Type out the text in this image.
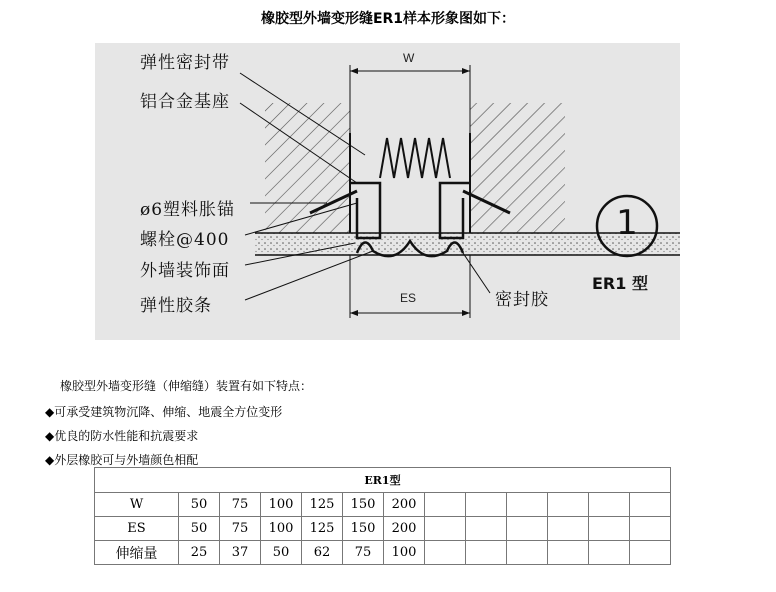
橡胶型外墙变形缝ER1样本形象图如下：
弹性密封带
铝合金基座
ø6塑料胀锚
螺栓@400
外墙装饰面
弹性胶条	密封胶
W
ES
1
ER1 型
橡胶型外墙变形缝（伸缩缝）装置有如下特点：
◆可承受建筑物沉降、伸缩、地震全方位变形
◆优良的防水性能和抗震要求
◆外层橡胶可与外墙颜色相配
ER1型												
W	50	75	100	125	150	200						
ES	50	75	100	125	150	200						
伸缩量	25	37	50	62	75	100						
